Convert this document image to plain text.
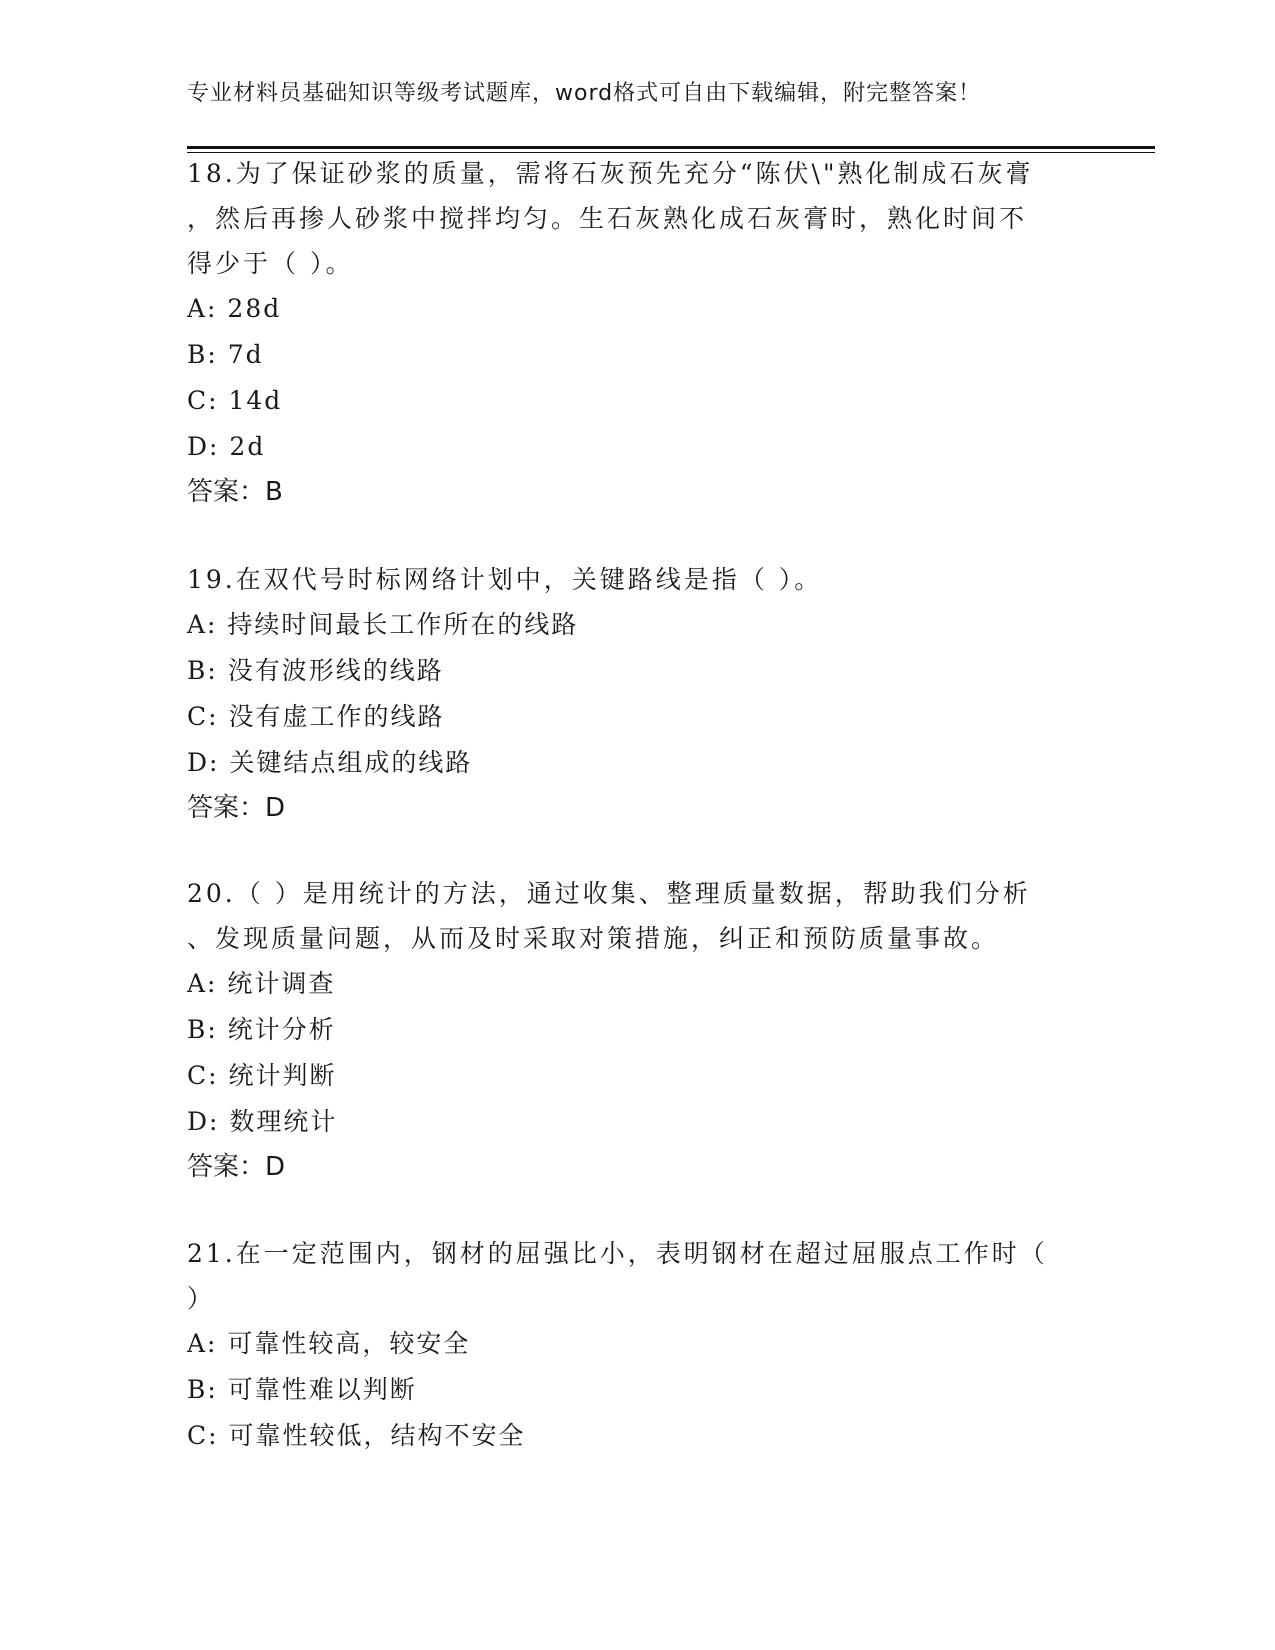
专业材料员基础知识等级考试题库，word格式可自由下载编辑，附完整答案！
18.为了保证砂浆的质量，需将石灰预先充分“陈伏\"熟化制成石灰膏
，然后再掺人砂浆中搅拌均匀。生石灰熟化成石灰膏时，熟化时间不
得少于（ ）。
A: 28d
B: 7d
C: 14d
D: 2d
答案：B
19.在双代号时标网络计划中，关键路线是指（ ）。
A: 持续时间最长工作所在的线路
B: 没有波形线的线路
C: 没有虚工作的线路
D: 关键结点组成的线路
答案：D
20.（ ）是用统计的方法，通过收集、整理质量数据，帮助我们分析
、发现质量问题，从而及时采取对策措施，纠正和预防质量事故。
A: 统计调查
B: 统计分析
C: 统计判断
D: 数理统计
答案：D
21.在一定范围内，钢材的屈强比小，表明钢材在超过屈服点工作时（
）
A: 可靠性较高，较安全
B: 可靠性难以判断
C: 可靠性较低，结构不安全
